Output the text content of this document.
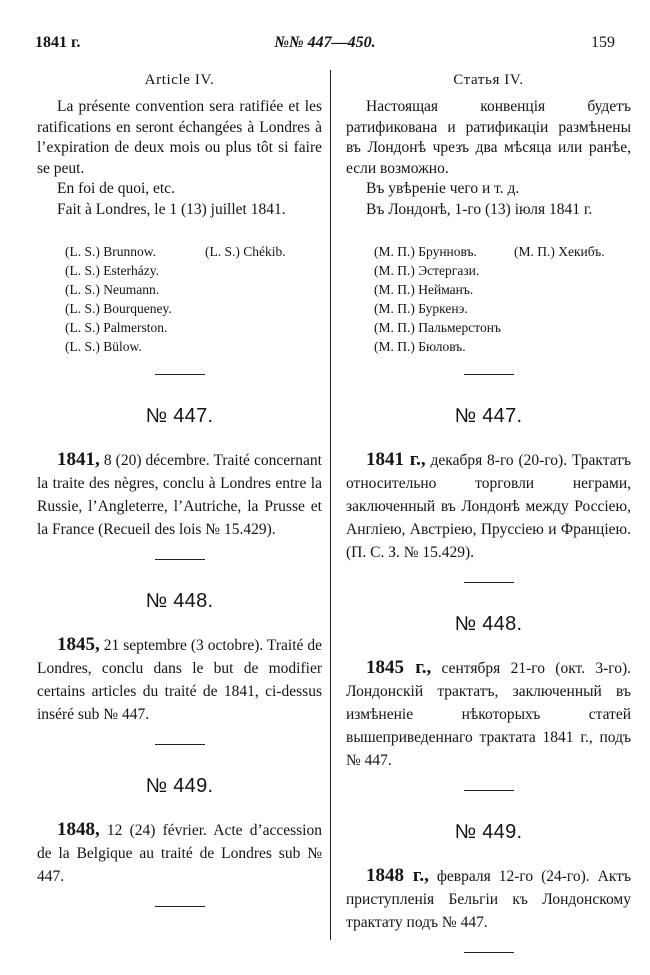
1841 г.	№№ 447—450.	159
Article IV.

La présente convention sera ratifiée et les ratifications en seront échangées à Londres à l’expiration de deux mois ou plus tôt si faire se peut.

En foi de quoi, etc.

Fait à Londres, le 1 (13) juillet 1841.

(L. S.) Brunnow.	(L. S.) Chékib.
(L. S.) Esterházy.
(L. S.) Neumann.
(L. S.) Bourqueney.
(L. S.) Palmerston.
(L. S.) Bülow.
№ 447.

1841, 8 (20) décembre. Traité concernant la traite des nègres, conclu à Londres entre la Russie, l’Angleterre, l’Autriche, la Prusse et la France (Recueil des lois № 15.429).

№ 448.

1845, 21 septembre (3 octobre). Traité de Londres, conclu dans le but de modifier certains articles du traité de 1841, ci-dessus inséré sub № 447.

№ 449.

1848, 12 (24) février. Acte d’accession de la Belgique au traité de Londres sub № 447.

Статья IV.

Настоящая конвенція будетъ ратификована и ратификаціи размѣнены въ Лондонѣ чрезъ два мѣсяца или ранѣе, если возможно.

Въ увѣреніе чего и т. д.

Въ Лондонѣ, 1-го (13) іюля 1841 г.

(М. П.) Брунновъ.	(М. П.) Хекибъ.
(М. П.) Эстергази.
(М. П.) Нейманъ.
(М. П.) Буркенэ.
(М. П.) Пальмерстонъ
(М. П.) Бюловъ.
№ 447.

1841 г., декабря 8-го (20-го). Трактатъ относительно торговли неграми, заключенный въ Лондонѣ между Россіею, Англіею, Австріею, Пруссіею и Франціею. (П. С. З. № 15.429).

№ 448.

1845 г., сентября 21-го (окт. 3-го). Лондонскій трактатъ, заключенный въ измѣненіе нѣкоторыхъ статей вышеприведеннаго трактата 1841 г., подъ № 447.

№ 449.

1848 г., февраля 12-го (24-го). Актъ приступленія Бельгіи къ Лондонскому трактату подъ № 447.
